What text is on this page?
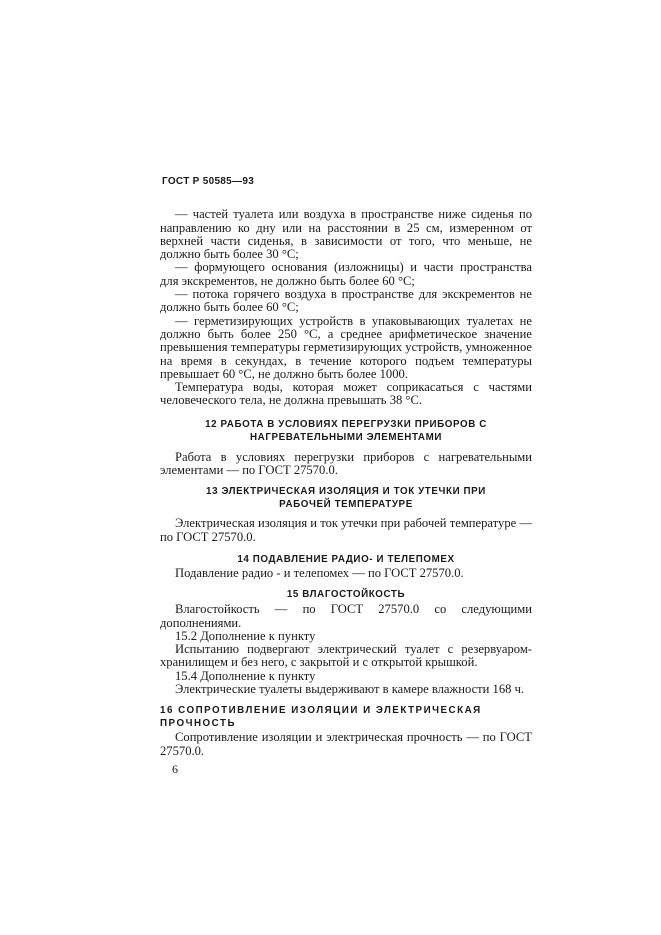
ГОСТ Р 50585—93

— частей туалета или воздуха в пространстве ниже сиденья по направлению ко дну или на расстоянии в 25 см, измеренном от верхней части сиденья, в зависимости от того, что меньше, не должно быть более 30 °С;

— формующего основания (изложницы) и части пространства для экскрементов, не должно быть более 60 °С;

— потока горячего воздуха в пространстве для экскрементов не должно быть более 60 °С;

— герметизирующих устройств в упаковывающих туалетах не должно быть более 250 °С, а среднее арифметическое значение превышения температуры герметизирующих устройств, умноженное на время в секундах, в течение которого подъем температуры превышает 60 °С, не должно быть более 1000.

Температура воды, которая может соприкасаться с частями человеческого тела, не должна превышать 38 °С.

12 РАБОТА В УСЛОВИЯХ ПЕРЕГРУЗКИ ПРИБОРОВ С
НАГРЕВАТЕЛЬНЫМИ ЭЛЕМЕНТАМИ

Работа в условиях перегрузки приборов с нагревательными элементами — по ГОСТ 27570.0.

13 ЭЛЕКТРИЧЕСКАЯ ИЗОЛЯЦИЯ И ТОК УТЕЧКИ ПРИ
РАБОЧЕЙ ТЕМПЕРАТУРЕ

Электрическая изоляция и ток утечки при рабочей температуре — по ГОСТ 27570.0.

14 ПОДАВЛЕНИЕ РАДИО- И ТЕЛЕПОМЕХ

Подавление радио - и телепомех — по ГОСТ 27570.0.

15 ВЛАГОСТОЙКОСТЬ

Влагостойкость — по ГОСТ 27570.0 со следующими дополнениями.

15.2 Дополнение к пункту

Испытанию подвергают электрический туалет с резервуаром-хранилищем и без него, с закрытой и с открытой крышкой.

15.4 Дополнение к пункту

Электрические туалеты выдерживают в камере влажности 168 ч.

16 СОПРОТИВЛЕНИЕ ИЗОЛЯЦИИ И ЭЛЕКТРИЧЕСКАЯ ПРОЧНОСТЬ

Сопротивление изоляции и электрическая прочность — по ГОСТ 27570.0.

6
